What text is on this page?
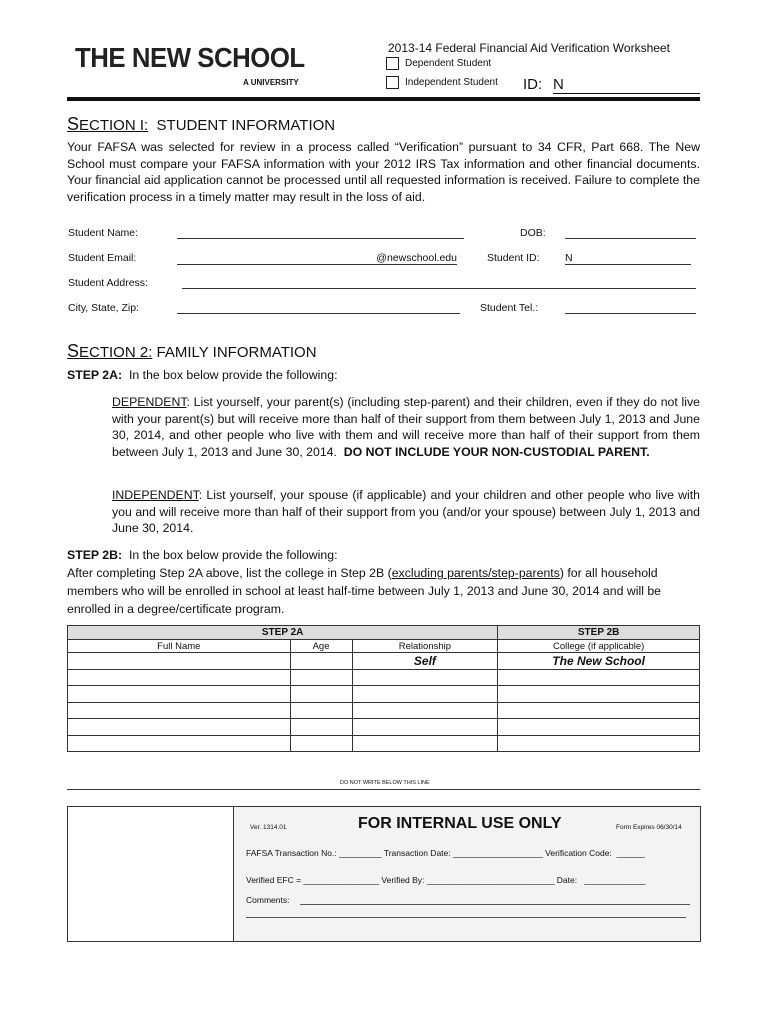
THE NEW SCHOOL
A UNIVERSITY
2013-14 Federal Financial Aid Verification Worksheet
Dependent Student
Independent Student ID: N
SECTION I: STUDENT INFORMATION
Your FAFSA was selected for review in a process called “Verification” pursuant to 34 CFR, Part 668. The New School must compare your FAFSA information with your 2012 IRS Tax information and other financial documents. Your financial aid application cannot be processed until all requested information is received. Failure to complete the verification process in a timely matter may result in the loss of aid.
Student Name:	DOB:
Student Email:	@newschool.edu	Student ID: N
Student Address:
City, State, Zip:	Student Tel.:
SECTION 2: FAMILY INFORMATION
STEP 2A: In the box below provide the following:
DEPENDENT: List yourself, your parent(s) (including step-parent) and their children, even if they do not live with your parent(s) but will receive more than half of their support from them between July 1, 2013 and June 30, 2014, and other people who live with them and will receive more than half of their support from them between July 1, 2013 and June 30, 2014. DO NOT INCLUDE YOUR NON-CUSTODIAL PARENT.
INDEPENDENT: List yourself, your spouse (if applicable) and your children and other people who live with you and will receive more than half of their support from you (and/or your spouse) between July 1, 2013 and June 30, 2014.
STEP 2B: In the box below provide the following:
After completing Step 2A above, list the college in Step 2B (excluding parents/step-parents) for all household members who will be enrolled in school at least half-time between July 1, 2013 and June 30, 2014 and will be enrolled in a degree/certificate program.
STEP 2A			STEP 2B
Full Name	Age	Relationship	College (if applicable)
		Self	The New School

DO NOT WRITE BELOW THIS LINE
Ver. 1314.01	FOR INTERNAL USE ONLY	Form Expires 06/30/14
FAFSA Transaction No.: _________ Transaction Date: ___________________ Verification Code:  ______
Verified EFC = ________________ Verified By: ___________________________ Date:   _____________
Comments:
